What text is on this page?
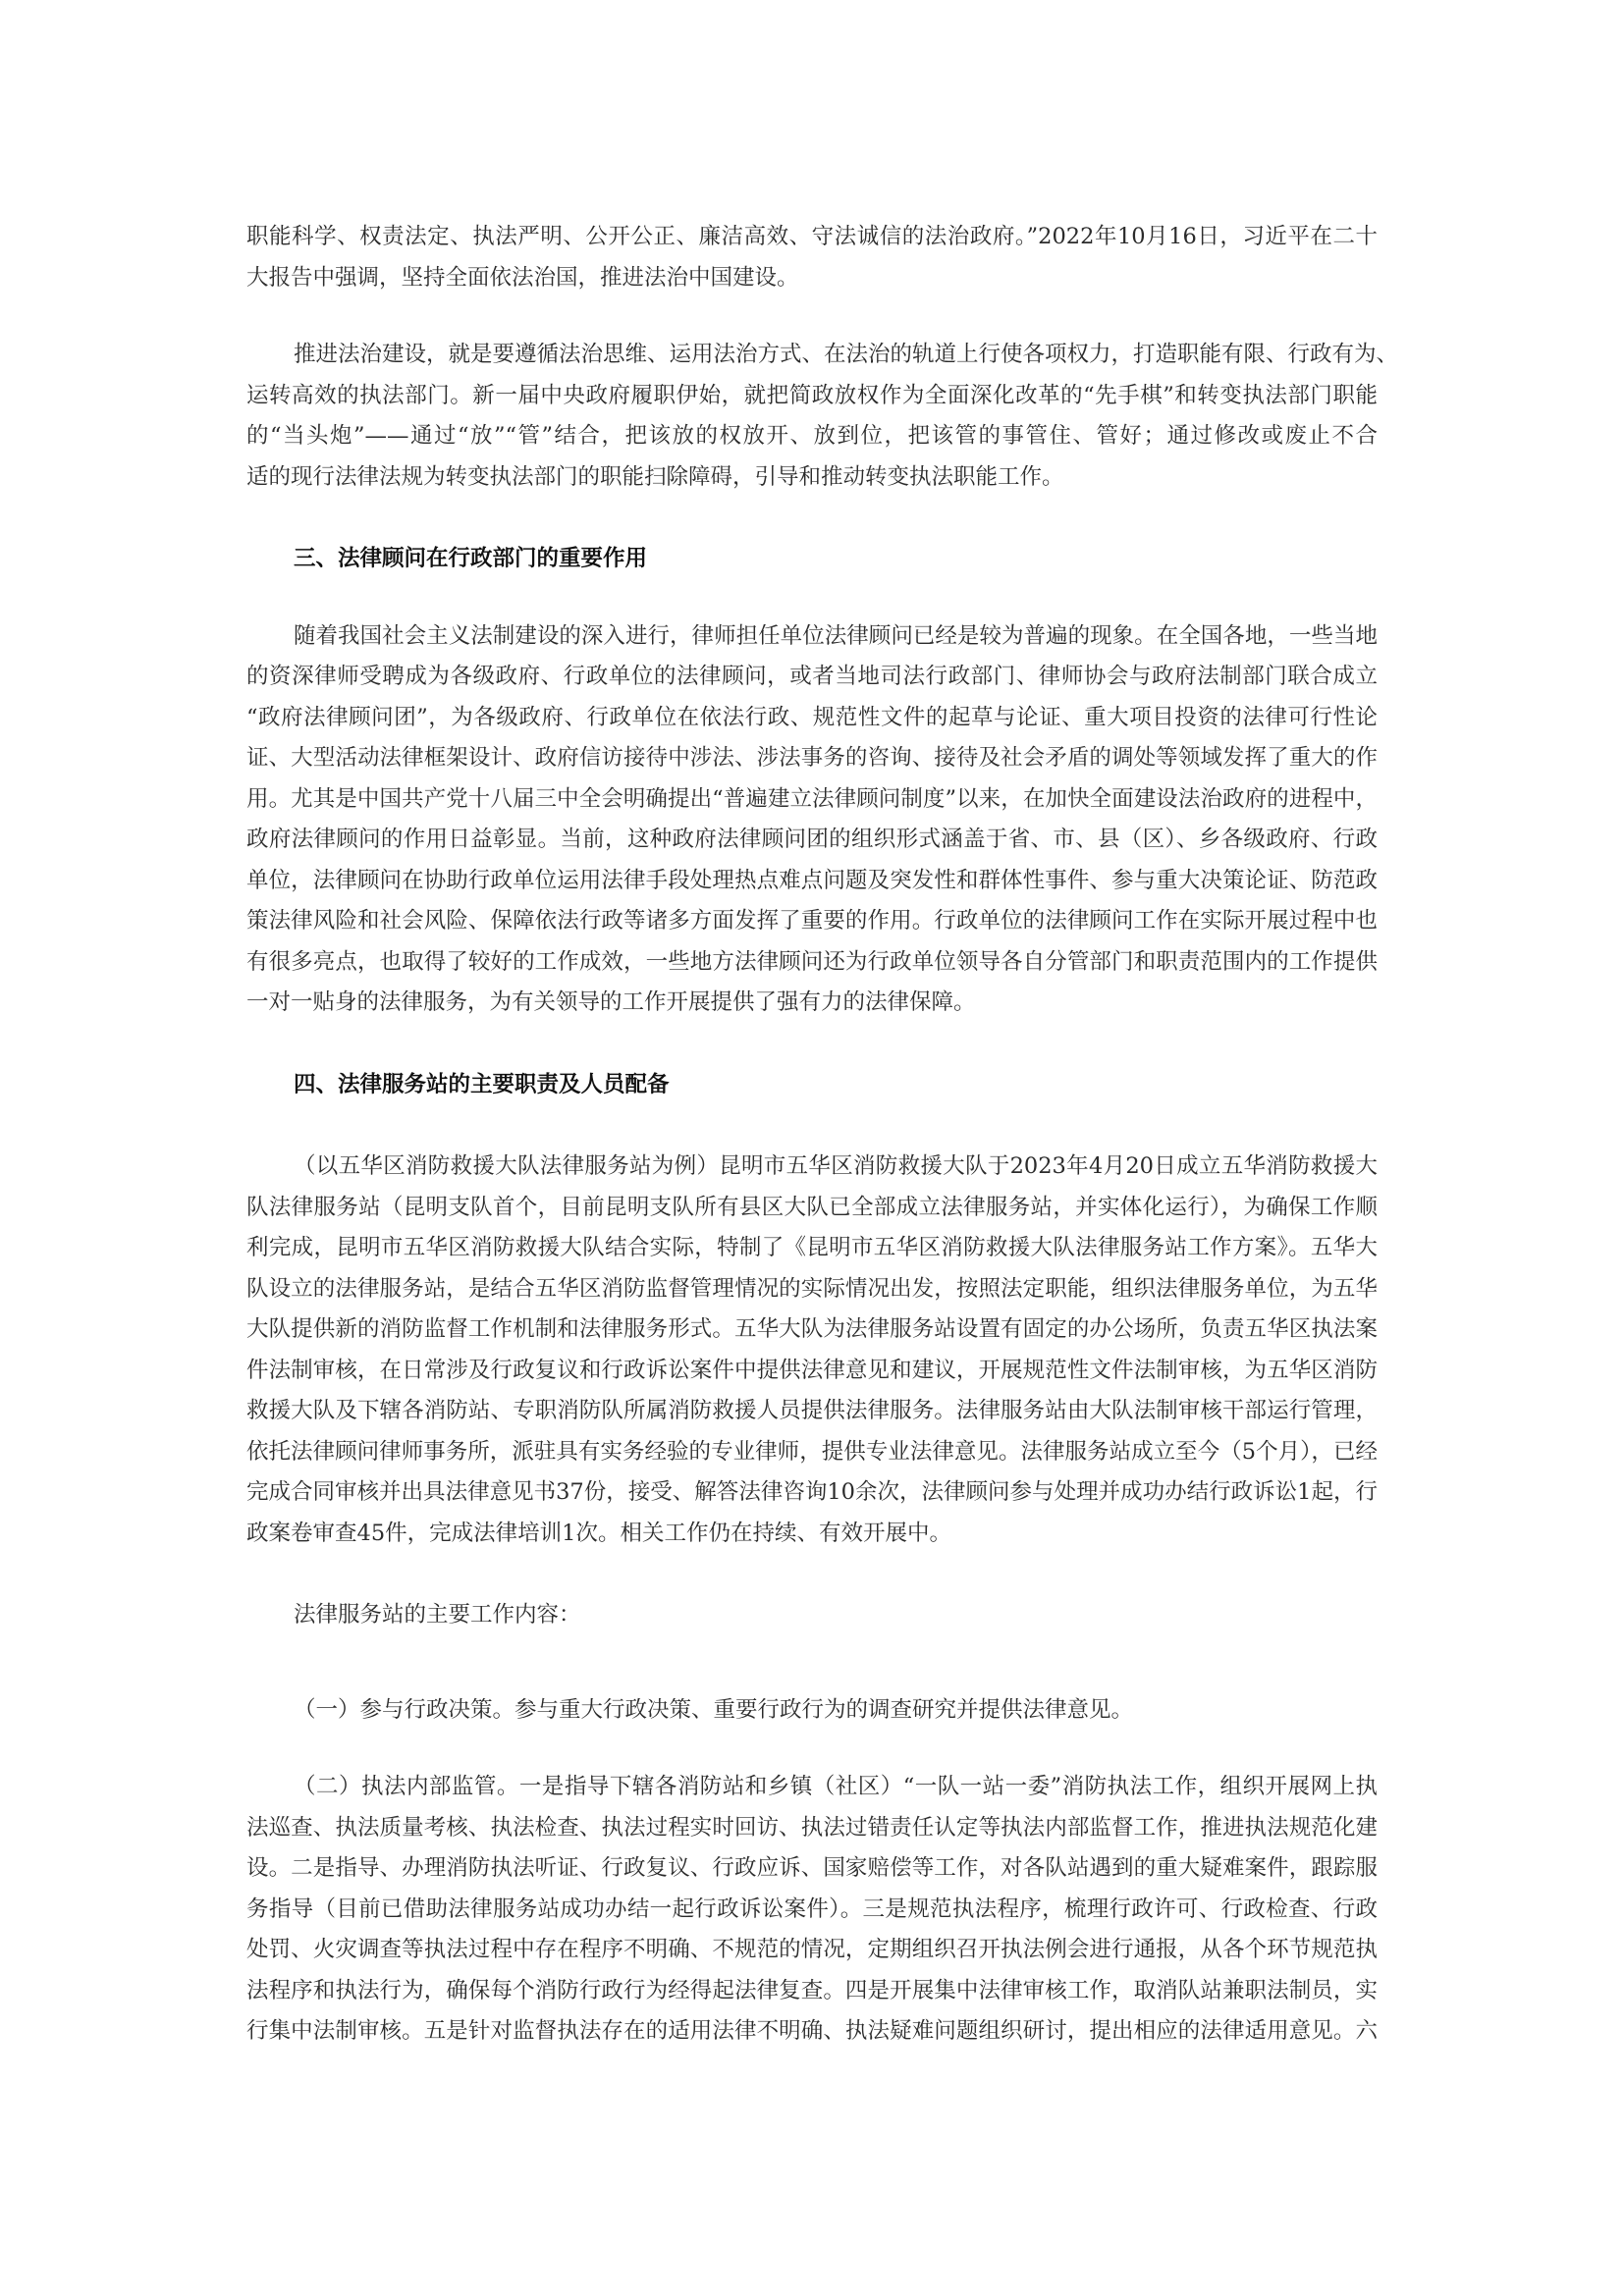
职能科学、权责法定、执法严明、公开公正、廉洁高效、守法诚信的法治政府。”2022年10月16日，习近平在二十
大报告中强调，坚持全面依法治国，推进法治中国建设。
推进法治建设，就是要遵循法治思维、运用法治方式、在法治的轨道上行使各项权力，打造职能有限、行政有为、
运转高效的执法部门。新一届中央政府履职伊始，就把简政放权作为全面深化改革的“先手棋”和转变执法部门职能
的“当头炮”——通过“放”“管”结合，把该放的权放开、放到位，把该管的事管住、管好；通过修改或废止不合
适的现行法律法规为转变执法部门的职能扫除障碍，引导和推动转变执法职能工作。
三、法律顾问在行政部门的重要作用
随着我国社会主义法制建设的深入进行，律师担任单位法律顾问已经是较为普遍的现象。在全国各地，一些当地
的资深律师受聘成为各级政府、行政单位的法律顾问，或者当地司法行政部门、律师协会与政府法制部门联合成立
“政府法律顾问团”，为各级政府、行政单位在依法行政、规范性文件的起草与论证、重大项目投资的法律可行性论
证、大型活动法律框架设计、政府信访接待中涉法、涉法事务的咨询、接待及社会矛盾的调处等领域发挥了重大的作
用。尤其是中国共产党十八届三中全会明确提出“普遍建立法律顾问制度”以来，在加快全面建设法治政府的进程中，
政府法律顾问的作用日益彰显。当前，这种政府法律顾问团的组织形式涵盖于省、市、县（区）、乡各级政府、行政
单位，法律顾问在协助行政单位运用法律手段处理热点难点问题及突发性和群体性事件、参与重大决策论证、防范政
策法律风险和社会风险、保障依法行政等诸多方面发挥了重要的作用。行政单位的法律顾问工作在实际开展过程中也
有很多亮点，也取得了较好的工作成效，一些地方法律顾问还为行政单位领导各自分管部门和职责范围内的工作提供
一对一贴身的法律服务，为有关领导的工作开展提供了强有力的法律保障。
四、法律服务站的主要职责及人员配备
（以五华区消防救援大队法律服务站为例）昆明市五华区消防救援大队于2023年4月20日成立五华消防救援大
队法律服务站（昆明支队首个，目前昆明支队所有县区大队已全部成立法律服务站，并实体化运行），为确保工作顺
利完成，昆明市五华区消防救援大队结合实际，特制了《昆明市五华区消防救援大队法律服务站工作方案》。五华大
队设立的法律服务站，是结合五华区消防监督管理情况的实际情况出发，按照法定职能，组织法律服务单位，为五华
大队提供新的消防监督工作机制和法律服务形式。五华大队为法律服务站设置有固定的办公场所，负责五华区执法案
件法制审核，在日常涉及行政复议和行政诉讼案件中提供法律意见和建议，开展规范性文件法制审核，为五华区消防
救援大队及下辖各消防站、专职消防队所属消防救援人员提供法律服务。法律服务站由大队法制审核干部运行管理，
依托法律顾问律师事务所，派驻具有实务经验的专业律师，提供专业法律意见。法律服务站成立至今（5个月），已经
完成合同审核并出具法律意见书37份，接受、解答法律咨询10余次，法律顾问参与处理并成功办结行政诉讼1起，行
政案卷审查45件，完成法律培训1次。相关工作仍在持续、有效开展中。
法律服务站的主要工作内容：
（一）参与行政决策。参与重大行政决策、重要行政行为的调查研究并提供法律意见。
（二）执法内部监管。一是指导下辖各消防站和乡镇（社区）“一队一站一委”消防执法工作，组织开展网上执
法巡查、执法质量考核、执法检查、执法过程实时回访、执法过错责任认定等执法内部监督工作，推进执法规范化建
设。二是指导、办理消防执法听证、行政复议、行政应诉、国家赔偿等工作，对各队站遇到的重大疑难案件，跟踪服
务指导（目前已借助法律服务站成功办结一起行政诉讼案件）。三是规范执法程序，梳理行政许可、行政检查、行政
处罚、火灾调查等执法过程中存在程序不明确、不规范的情况，定期组织召开执法例会进行通报，从各个环节规范执
法程序和执法行为，确保每个消防行政行为经得起法律复查。四是开展集中法律审核工作，取消队站兼职法制员，实
行集中法制审核。五是针对监督执法存在的适用法律不明确、执法疑难问题组织研讨，提出相应的法律适用意见。六
